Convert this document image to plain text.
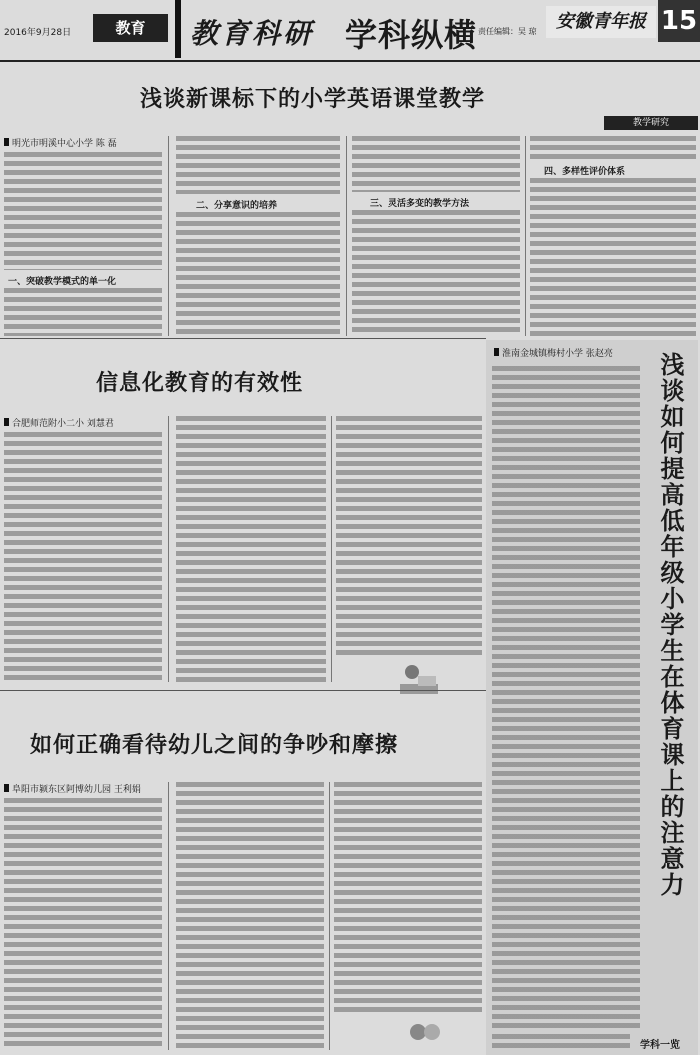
2016年9月28日	教育	教育科研 学科纵横 责任编辑：吴 琼	安徽青年报 15
浅谈新课标下的小学英语课堂教学
教学研究
明光市明溪中心小学 陈 磊
一、突破教学模式的单一化
二、分享意识的培养	三、灵活多变的教学方法
四、多样性评价体系
信息化教育的有效性
合肥师范附小二小 刘慧君
如何正确看待幼儿之间的争吵和摩擦
阜阳市颍东区阿博幼儿园 王利娟
淮南金城镇梅村小学 张赵亮 浅谈如何提高低年级小学生在体育课上的注意力
学科一览
